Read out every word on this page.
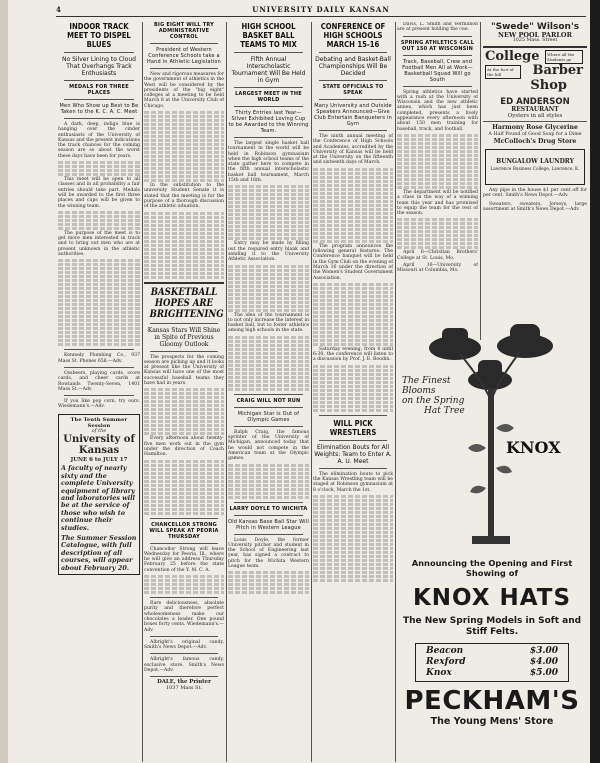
4	UNIVERSITY DAILY KANSAN
INDOOR TRACK MEET TO DISPEL BLUES
No Silver Lining to Cloud That Overhangs Track Enthusiasts
MEDALS FOR THREE PLACES
Men Who Show up Best to Be Taken to the K. C. A. C. Meet

A dark, deep, indigo blue is hanging over the cinder enthusiasts of the University of Kansas and the present indications the track chances for the coming season are so about the worst these days have been for years.

This meet will be open to all classes and in all probability a fair entries should take part. Medals will be awarded to the first three places and cups will be given to the winning team.

The purpose of the meet is to get more men interested in track and to bring out men who are at present unknown in the athletic authorities.

Kennedy Plumbing Co., 937 Mass St. Phones 658.—Adv.

Ossbeers, playing cards, score cards, and cheer cards at Rowlands Twenty-Seven, 1401 Mass St.—Adv.

If you like pop corn, try ours. Wiedemann's.—Adv.

The Tenth Summer Session
of the
University of Kansas
JUNE 6 to JULY 17
A faculty of nearly sixty and the complete University equipment of library and laboratories will be at the service of those who wish to continue their studies.
The Summer Session Catalogue, with full description of all courses, will appear about February 20.
BIG EIGHT WILL TRY ADMINISTRATIVE CONTROL
President of Western Conference Schools take a Hand in Athletic Legislation

New and rigorous measures for the government of athletics in the West will be considered by the presidents of the "big eight" colleges at a meeting to be held March 8 at the University Club of Chicago.

In the substitution to the university Student Senate it is stated that the meeting is for the purpose of a thorough discussion of the athletic situation.

BASKETBALL HOPES ARE BRIGHTENING
Kansas Stars Will Shine in Spite of Previous Gloomy Outlook

The prospects for the coming season are picking up and it looks at present like the University of Kansas will have one of the most successful baseball teams they have had in years.

Every afternoon about twenty-five men work out in the gym under the direction of Coach Hamilton.

CHANCELLOR STRONG WILL SPEAK AT PEORIA THURSDAY

Chancellor Strong will leave Wednesday for Peoria, Ill., where he will give an address Thursday February 25 before the state convention of the Y. M. C. A.

Rare deliciousness, absolute purity and therefore perfect wholesomeness make our chocolates a leader. One pound boxes forty cents. Wiedemann's.—Adv.

Albright's original candy. Smith's News Depot.—Adv.

Albright's famous candy, exclusive store. Smith's News Depot.—Adv.

DALE, the Printer
1037 Mass St.
HIGH SCHOOL BASKET BALL TEAMS TO MIX
Fifth Annual Interscholastic Tournament Will Be Held in Gym
LARGEST MEET IN THE WORLD
Thirty Entries last Year—Silver Exhibited Loving Cup to be Awarded to the Winning Team.

The largest single basket ball tournament in the world will be held in Robinson gymnasium when the high school teams of the state gather here to compete in the fifth annual interscholastic basket ball tournament, March 15th and 16th.

Entry may be made by filling out the required entry blank and sending it to the University Athletic Association.

The idea of the tournament is to not only increase the interest in basket ball, but to foster athletics among high schools in the state.

CRAIG WILL NOT RUN
Michigan Star is Out of Olympic Games

Ralph Craig, the famous sprinter of the University of Michigan, announced today that he would not compete in the American team at the Olympic games.

LARRY DOYLE TO WICHITA
Old Kansas Base Ball Star Will Pitch in Western League

Louis Doyle, the former University pitcher and student in the School of Engineering last year, has signed a contract to pitch for the Wichita Western League team.

CONFERENCE OF HIGH SCHOOLS MARCH 15-16
Debating and Basket-Ball Championships Will Be Decided
STATE OFFICIALS TO SPEAK
Many University and Outside Speakers Announced—Give Club Entertain Banqueters in Gym

The ninth annual meeting of the Conference of High Schools and Academies, accredited by the University of Kansas will be held at the University on the fifteenth and sixteenth days of March.

The program announces the following general features: The Conference banquet will be held in the Gym Club on the evening of March 16 under the direction of the Women's Student Government Association.

Saturday evening, from 4 until 6:30, the conference will listen to a discussion by Prof. J. E. Boodin.

WILL PICK WRESTLERS
Elimination Bouts for All Weights: Team to Enter A. A. U. Meet

The elimination bouts to pick the Kansas Wrestling team will be staged at Robinson gymnasium at 8 o'clock, March the 1st.

Davis, L. Smith and Vermillion are at present holding the cue.

SPRING ATHLETICS CALL OUT 150 AT WISCONSIN
Track, Baseball, Crew and Football Men All at Work—Basketball Squad Will go South

Spring athletics have started with a rush at the University of Wisconsin and the new athletic annex, which has just been completed, presents a lively appearance every afternoon with about 150 men training for baseball, track, and football.

The department will be notified a class in the way of a winning team this year and has promised to equip the team for the rest of the season.

April 6—Christian Brothers' College at St. Louis, Mo.

April 16—University of Missouri at Columbia, Mo.

"Swede" Wilson's
NEW POOL PARLOR
1025 Mass. Street
College	Where all the Students go
At the foot of the hill	Barber
Shop
ED ANDERSON
RESTAURANT
Oysters in all styles
Harmony Rose Glycerine
A Half Pound of Good Soap for a Dime
McColloch's Drug Store
BUNGALOW LAUNDRY
Lawrence Business College, Lawrence, K.

Any pipe in the house $1 per cent off for per cent. Smith's News Depot.—Adv.

Sweaters, sweaters, Jerseys, large assortment at Smith's News Depot.—Adv.

The Finest Blooms
on the Spring
Hat Tree
KNOX
Announcing the Opening and First Showing of
KNOX HATS
The New Spring Models in Soft and Stiff Felts.
Beacon	$3.00
Rexford	$4.00
Knox	$5.00
PECKHAM'S
The Young Mens' Store
